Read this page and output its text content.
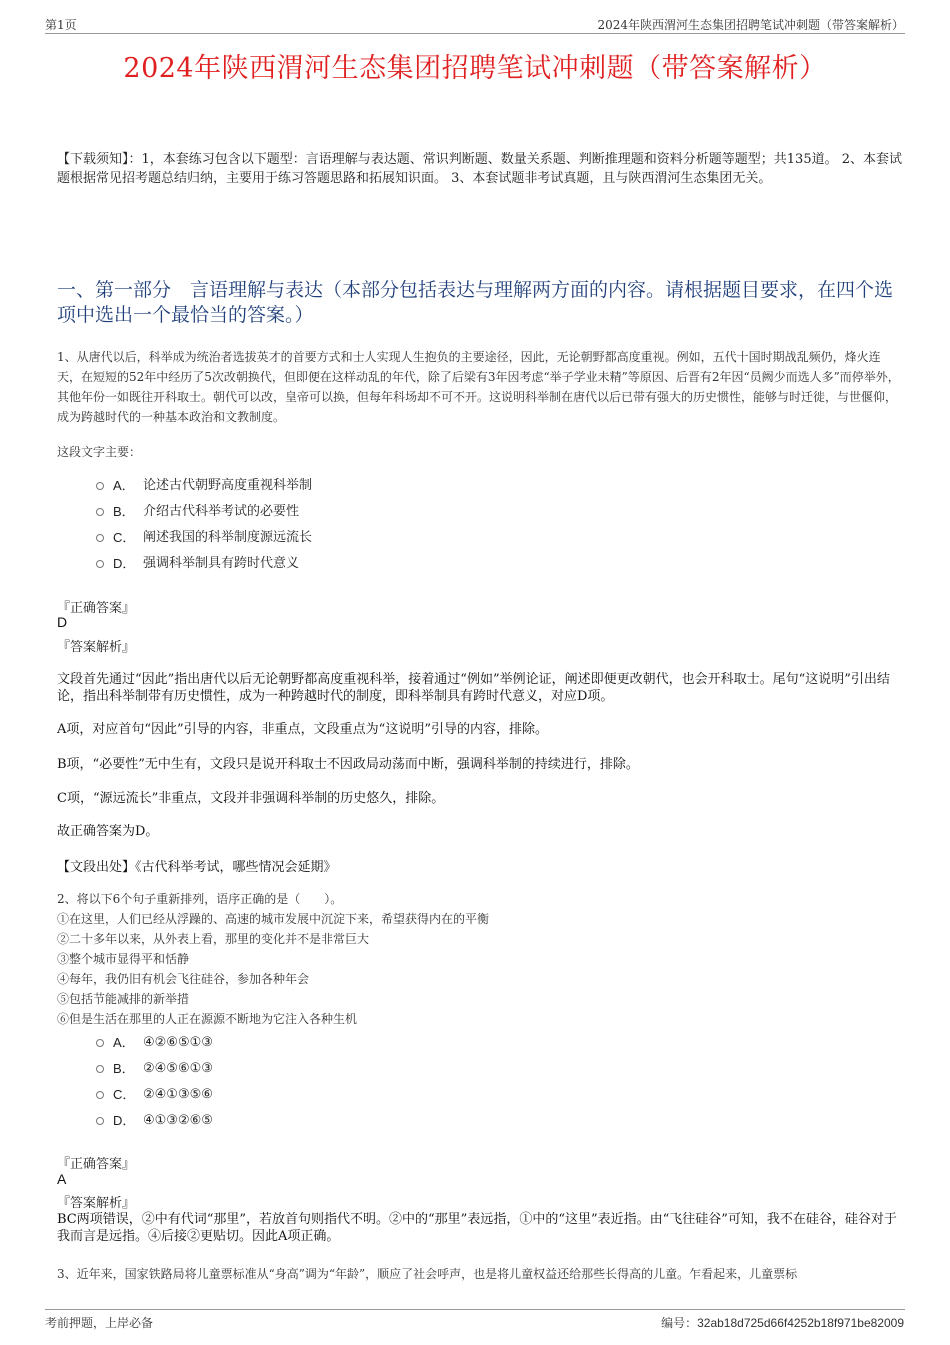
第1页	2024年陕西渭河生态集团招聘笔试冲刺题（带答案解析）
2024年陕西渭河生态集团招聘笔试冲刺题（带答案解析）
【下载须知】：1，本套练习包含以下题型：言语理解与表达题、常识判断题、数量关系题、判断推理题和资料分析题等题型；共135道。 2、本套试题根据常见招考题总结归纳，主要用于练习答题思路和拓展知识面。 3、本套试题非考试真题，且与陕西渭河生态集团无关。
一、第一部分　言语理解与表达（本部分包括表达与理解两方面的内容。请根据题目要求，在四个选项中选出一个最恰当的答案。）
1、从唐代以后，科举成为统治者选拔英才的首要方式和士人实现人生抱负的主要途径，因此，无论朝野都高度重视。例如，五代十国时期战乱频仍，烽火连天，在短短的52年中经历了5次改朝换代，但即便在这样动乱的年代，除了后梁有3年因考虑“举子学业未精”等原因、后晋有2年因“员阙少而选人多”而停举外，其他年份一如既往开科取士。朝代可以改，皇帝可以换，但每年科场却不可不开。这说明科举制在唐代以后已带有强大的历史惯性，能够与时迁徙，与世偃仰，成为跨越时代的一种基本政治和文教制度。
这段文字主要：
A． 论述古代朝野高度重视科举制
B． 介绍古代科举考试的必要性
C． 阐述我国的科举制度源远流长
D． 强调科举制具有跨时代意义
『正确答案』
D
『答案解析』
文段首先通过“因此”指出唐代以后无论朝野都高度重视科举，接着通过“例如”举例论证，阐述即便更改朝代，也会开科取士。尾句“这说明”引出结论，指出科举制带有历史惯性，成为一种跨越时代的制度，即科举制具有跨时代意义，对应D项。
A项，对应首句“因此”引导的内容，非重点，文段重点为“这说明”引导的内容，排除。
B项，“必要性”无中生有，文段只是说开科取士不因政局动荡而中断，强调科举制的持续进行，排除。
C项，“源远流长”非重点，文段并非强调科举制的历史悠久，排除。
故正确答案为D。
【文段出处】《古代科举考试，哪些情况会延期》
2、将以下6个句子重新排列，语序正确的是（　　）。
①在这里，人们已经从浮躁的、高速的城市发展中沉淀下来，希望获得内在的平衡
②二十多年以来，从外表上看，那里的变化并不是非常巨大
③整个城市显得平和恬静
④每年，我仍旧有机会飞往硅谷，参加各种年会
⑤包括节能减排的新举措
⑥但是生活在那里的人正在源源不断地为它注入各种生机
A． ④②⑥⑤①③
B． ②④⑤⑥①③
C． ②④①③⑤⑥
D． ④①③②⑥⑤
『正确答案』
A
『答案解析』
BC两项错误，②中有代词“那里”，若放首句则指代不明。②中的“那里”表远指，①中的“这里”表近指。由“飞往硅谷”可知，我不在硅谷，硅谷对于我而言是远指。④后接②更贴切。因此A项正确。
3、近年来，国家铁路局将儿童票标准从“身高”调为“年龄”，顺应了社会呼声，也是将儿童权益还给那些长得高的儿童。乍看起来，儿童票标
考前押题，上岸必备	编号：32ab18d725d66f4252b18f971be82009
